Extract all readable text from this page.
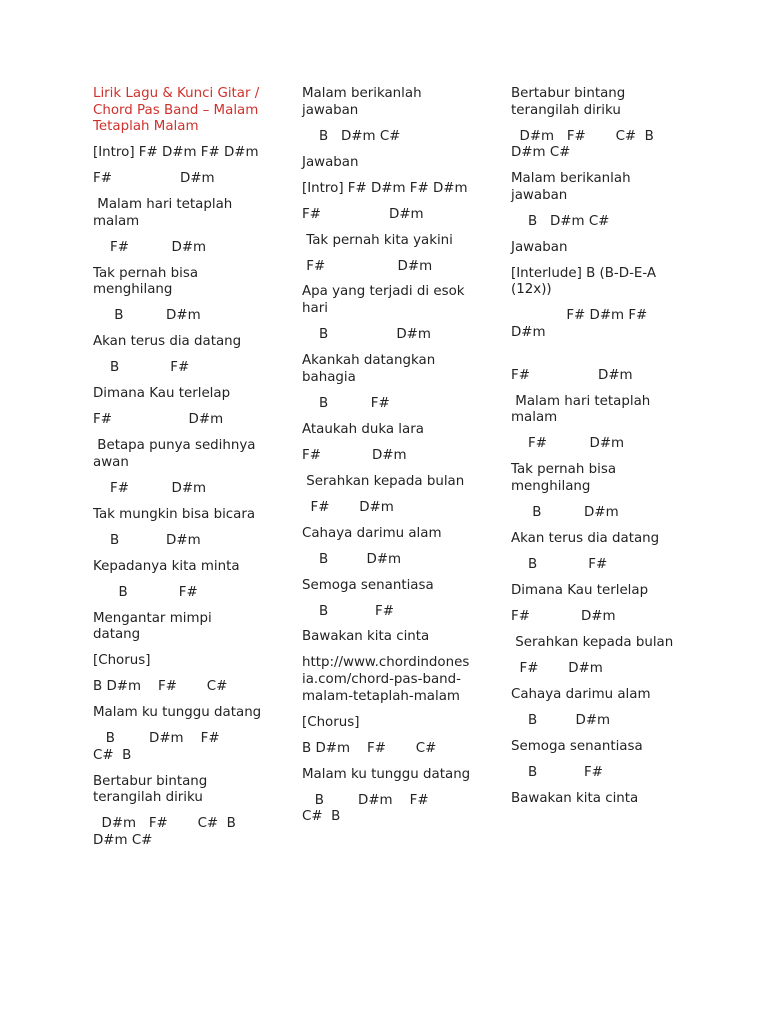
Lirik Lagu & Kunci Gitar / Chord Pas Band – Malam Tetaplah Malam

[Intro] F# D#m F# D#m

F#                D#m

Malam hari tetaplah malam

F#          D#m

Tak pernah bisa menghilang

B          D#m

Akan terus dia datang

B            F#

Dimana Kau terlelap

F#                  D#m

Betapa punya sedihnya awan

F#          D#m

Tak mungkin bisa bicara

B           D#m

Kepadanya kita minta

B            F#

Mengantar mimpi datang

[Chorus]

B D#m    F#       C#

Malam ku tunggu datang

B        D#m    F#          C#  B

Bertabur bintang terangilah diriku

D#m   F#       C#  B            D#m C#

Malam berikanlah jawaban

B   D#m C#

Jawaban

[Intro] F# D#m F# D#m

F#                D#m

Tak pernah kita yakini

F#                 D#m

Apa yang terjadi di esok hari

B                D#m

Akankah datangkan bahagia

B          F#

Ataukah duka lara

F#            D#m

Serahkan kepada bulan

F#       D#m

Cahaya darimu alam

B         D#m

Semoga senantiasa

B           F#

Bawakan kita cinta

http://www.chordindonesia.com/chord-pas-band-malam-tetaplah-malam

[Chorus]

B D#m    F#       C#

Malam ku tunggu datang

B        D#m    F#          C#  B

Bertabur bintang terangilah diriku

D#m   F#       C#  B            D#m C#

Malam berikanlah jawaban

B   D#m C#

Jawaban

[Interlude] B (B-D-E-A (12x))

F# D#m F#            D#m

F#                D#m

Malam hari tetaplah malam

F#          D#m

Tak pernah bisa menghilang

B          D#m

Akan terus dia datang

B            F#

Dimana Kau terlelap

F#            D#m

Serahkan kepada bulan

F#       D#m

Cahaya darimu alam

B         D#m

Semoga senantiasa

B           F#

Bawakan kita cinta
